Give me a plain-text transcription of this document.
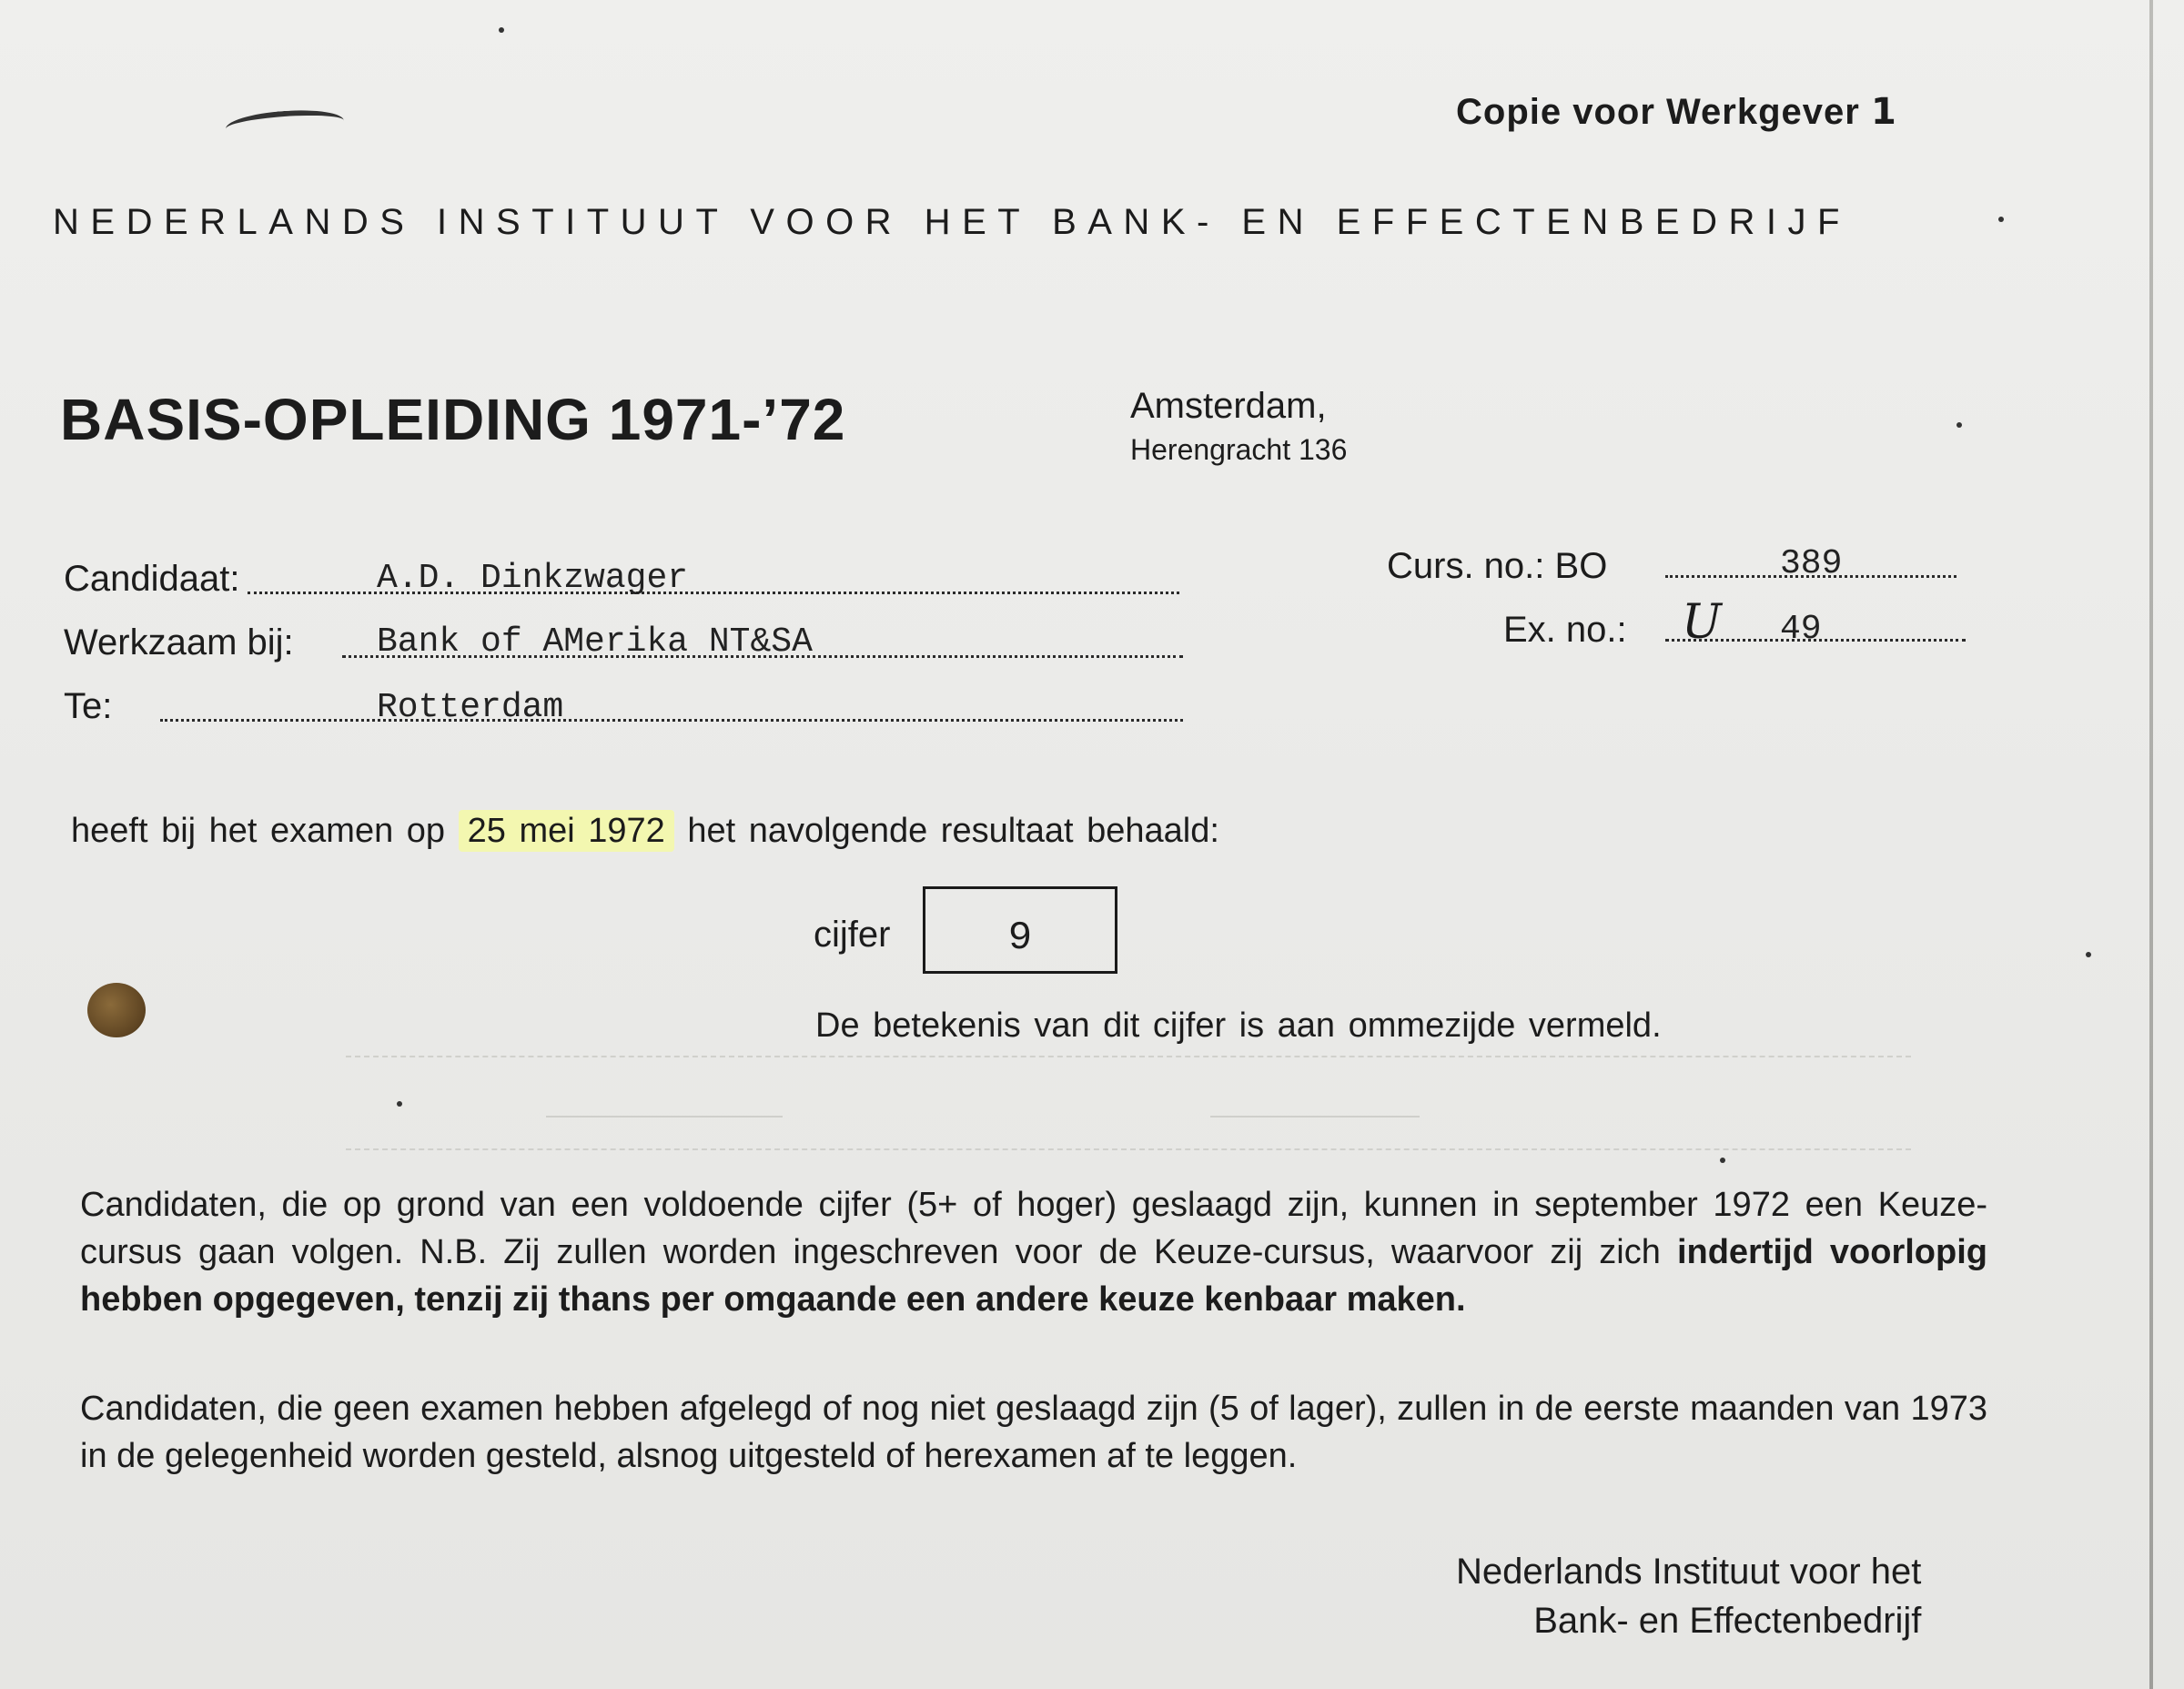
Copie voor Werkgever 1
NEDERLANDS INSTITUUT VOOR HET BANK- EN EFFECTENBEDRIJF
BASIS-OPLEIDING 1971-’72	Amsterdam,
Herengracht 136
Candidaat:	A.D. Dinkzwager
Werkzaam bij: Bank of AMerika NT&SA
Te:	Rotterdam
Curs. no.: BO	389
Ex. no.: U 49
heeft bij het examen op 25 mei 1972 het navolgende resultaat behaald:
cijfer	9
De betekenis van dit cijfer is aan ommezijde vermeld.
Candidaten, die op grond van een voldoende cijfer (5+ of hoger) geslaagd zijn, kunnen in september 1972 een Keuze-cursus gaan volgen. N.B. Zij zullen worden ingeschreven voor de Keuze-cursus, waarvoor zij zich indertijd voorlopig hebben opgegeven, tenzij zij thans per omgaande een andere keuze kenbaar maken.
Candidaten, die geen examen hebben afgelegd of nog niet geslaagd zijn (5 of lager), zullen in de eerste maanden van 1973 in de gelegenheid worden gesteld, alsnog uitgesteld of herexamen af te leggen.
Nederlands Instituut voor het
Bank- en Effectenbedrijf
